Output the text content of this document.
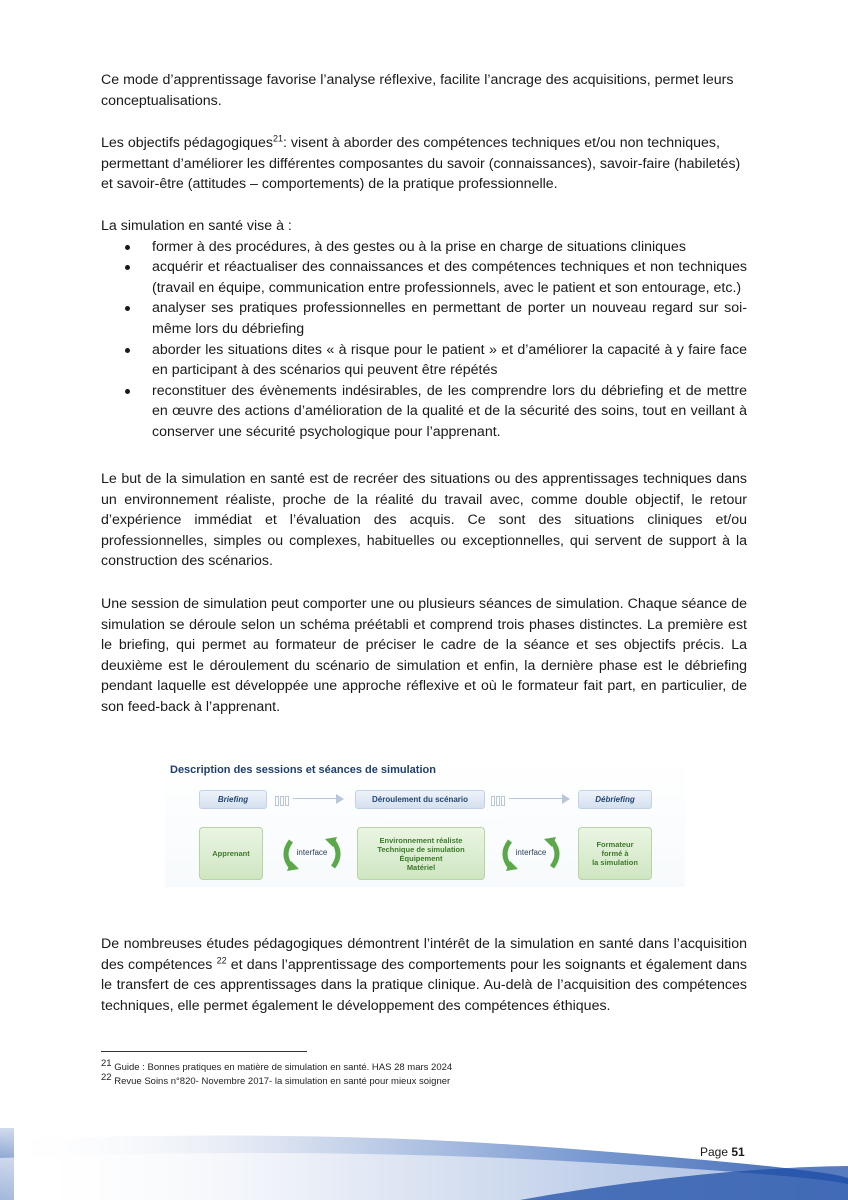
Ce mode d’apprentissage favorise l’analyse réflexive, facilite l’ancrage des acquisitions, permet leurs conceptualisations.

Les objectifs pédagogiques$^{21}$: visent à aborder des compétences techniques et/ou non techniques, permettant d’améliorer les différentes composantes du savoir (connaissances), savoir-faire (habiletés) et savoir-être (attitudes – comportements) de la pratique professionnelle.

La simulation en santé vise à :

former à des procédures, à des gestes ou à la prise en charge de situations cliniques
acquérir et réactualiser des connaissances et des compétences techniques et non techniques (travail en équipe, communication entre professionnels, avec le patient et son entourage, etc.)
analyser ses pratiques professionnelles en permettant de porter un nouveau regard sur soi-même lors du débriefing
aborder les situations dites « à risque pour le patient » et d’améliorer la capacité à y faire face en participant à des scénarios qui peuvent être répétés
reconstituer des évènements indésirables, de les comprendre lors du débriefing et de mettre en œuvre des actions d’amélioration de la qualité et de la sécurité des soins, tout en veillant à conserver une sécurité psychologique pour l’apprenant.

Le but de la simulation en santé est de recréer des situations ou des apprentissages techniques dans un environnement réaliste, proche de la réalité du travail avec, comme double objectif, le retour d’expérience immédiat et l’évaluation des acquis. Ce sont des situations cliniques et/ou professionnelles, simples ou complexes, habituelles ou exceptionnelles, qui servent de support à la construction des scénarios.

Une session de simulation peut comporter une ou plusieurs séances de simulation. Chaque séance de simulation se déroule selon un schéma préétabli et comprend trois phases distinctes. La première est le briefing, qui permet au formateur de préciser le cadre de la séance et ses objectifs précis. La deuxième est le déroulement du scénario de simulation et enfin, la dernière phase est le débriefing pendant laquelle est développée une approche réflexive et où le formateur fait part, en particulier, de son feed-back à l’apprenant.

Description des sessions et séances de simulation
Briefing	Déroulement du scénario	Débriefing
Apprenant	interface
Environnement réaliste
Technique de simulation
Équipement
Matériel
interface
Formateur
formé à
la simulation

De nombreuses études pédagogiques démontrent l’intérêt de la simulation en santé dans l’acquisition des compétences $^{22}$ et dans l’apprentissage des comportements pour les soignants et également dans le transfert de ces apprentissages dans la pratique clinique. Au-delà de l’acquisition des compétences techniques, elle permet également le développement des compétences éthiques.

$^{21}$ Guide : Bonnes pratiques en matière de simulation en santé. HAS 28 mars 2024
$^{22}$ Revue Soins n°820- Novembre 2017- la simulation en santé pour mieux soigner
Page 51
